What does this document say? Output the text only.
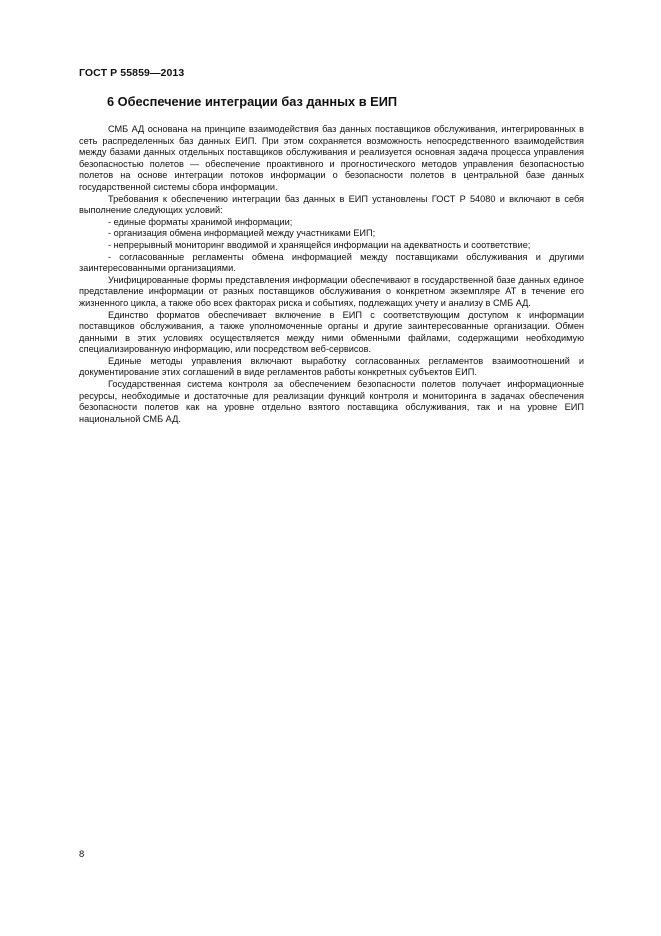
ГОСТ Р 55859—2013
6 Обеспечение интеграции баз данных в ЕИП

СМБ АД основана на принципе взаимодействия баз данных поставщиков обслуживания, интегрированных в сеть распределенных баз данных ЕИП. При этом сохраняется возможность непосредственного взаимодействия между базами данных отдельных поставщиков обслуживания и реализуется основная задача процесса управления безопасностью полетов — обеспечение проактивного и прогностического методов управления безопасностью полетов на основе интеграции потоков информации о безопасности полетов в центральной базе данных государственной системы сбора информации.

Требования к обеспечению интеграции баз данных в ЕИП установлены ГОСТ Р 54080 и включают в себя выполнение следующих условий:

- единые форматы хранимой информации;
- организация обмена информацией между участниками ЕИП;
- непрерывный мониторинг вводимой и хранящейся информации на адекватность и соответствие;
- согласованные регламенты обмена информацией между поставщиками обслуживания и другими заинтересованными организациями.

Унифицированные формы представления информации обеспечивают в государственной базе данных единое представление информации от разных поставщиков обслуживания о конкретном экземпляре АТ в течение его жизненного цикла, а также обо всех факторах риска и событиях, подлежащих учету и анализу в СМБ АД.

Единство форматов обеспечивает включение в ЕИП с соответствующим доступом к информации поставщиков обслуживания, а также уполномоченные органы и другие заинтересованные организации. Обмен данными в этих условиях осуществляется между ними обменными файлами, содержащими необходимую специализированную информацию, или посредством веб-сервисов.

Единые методы управления включают выработку согласованных регламентов взаимоотношений и документирование этих соглашений в виде регламентов работы конкретных субъектов ЕИП.

Государственная система контроля за обеспечением безопасности полетов получает информационные ресурсы, необходимые и достаточные для реализации функций контроля и мониторинга в задачах обеспечения безопасности полетов как на уровне отдельно взятого поставщика обслуживания, так и на уровне ЕИП национальной СМБ АД.

8
